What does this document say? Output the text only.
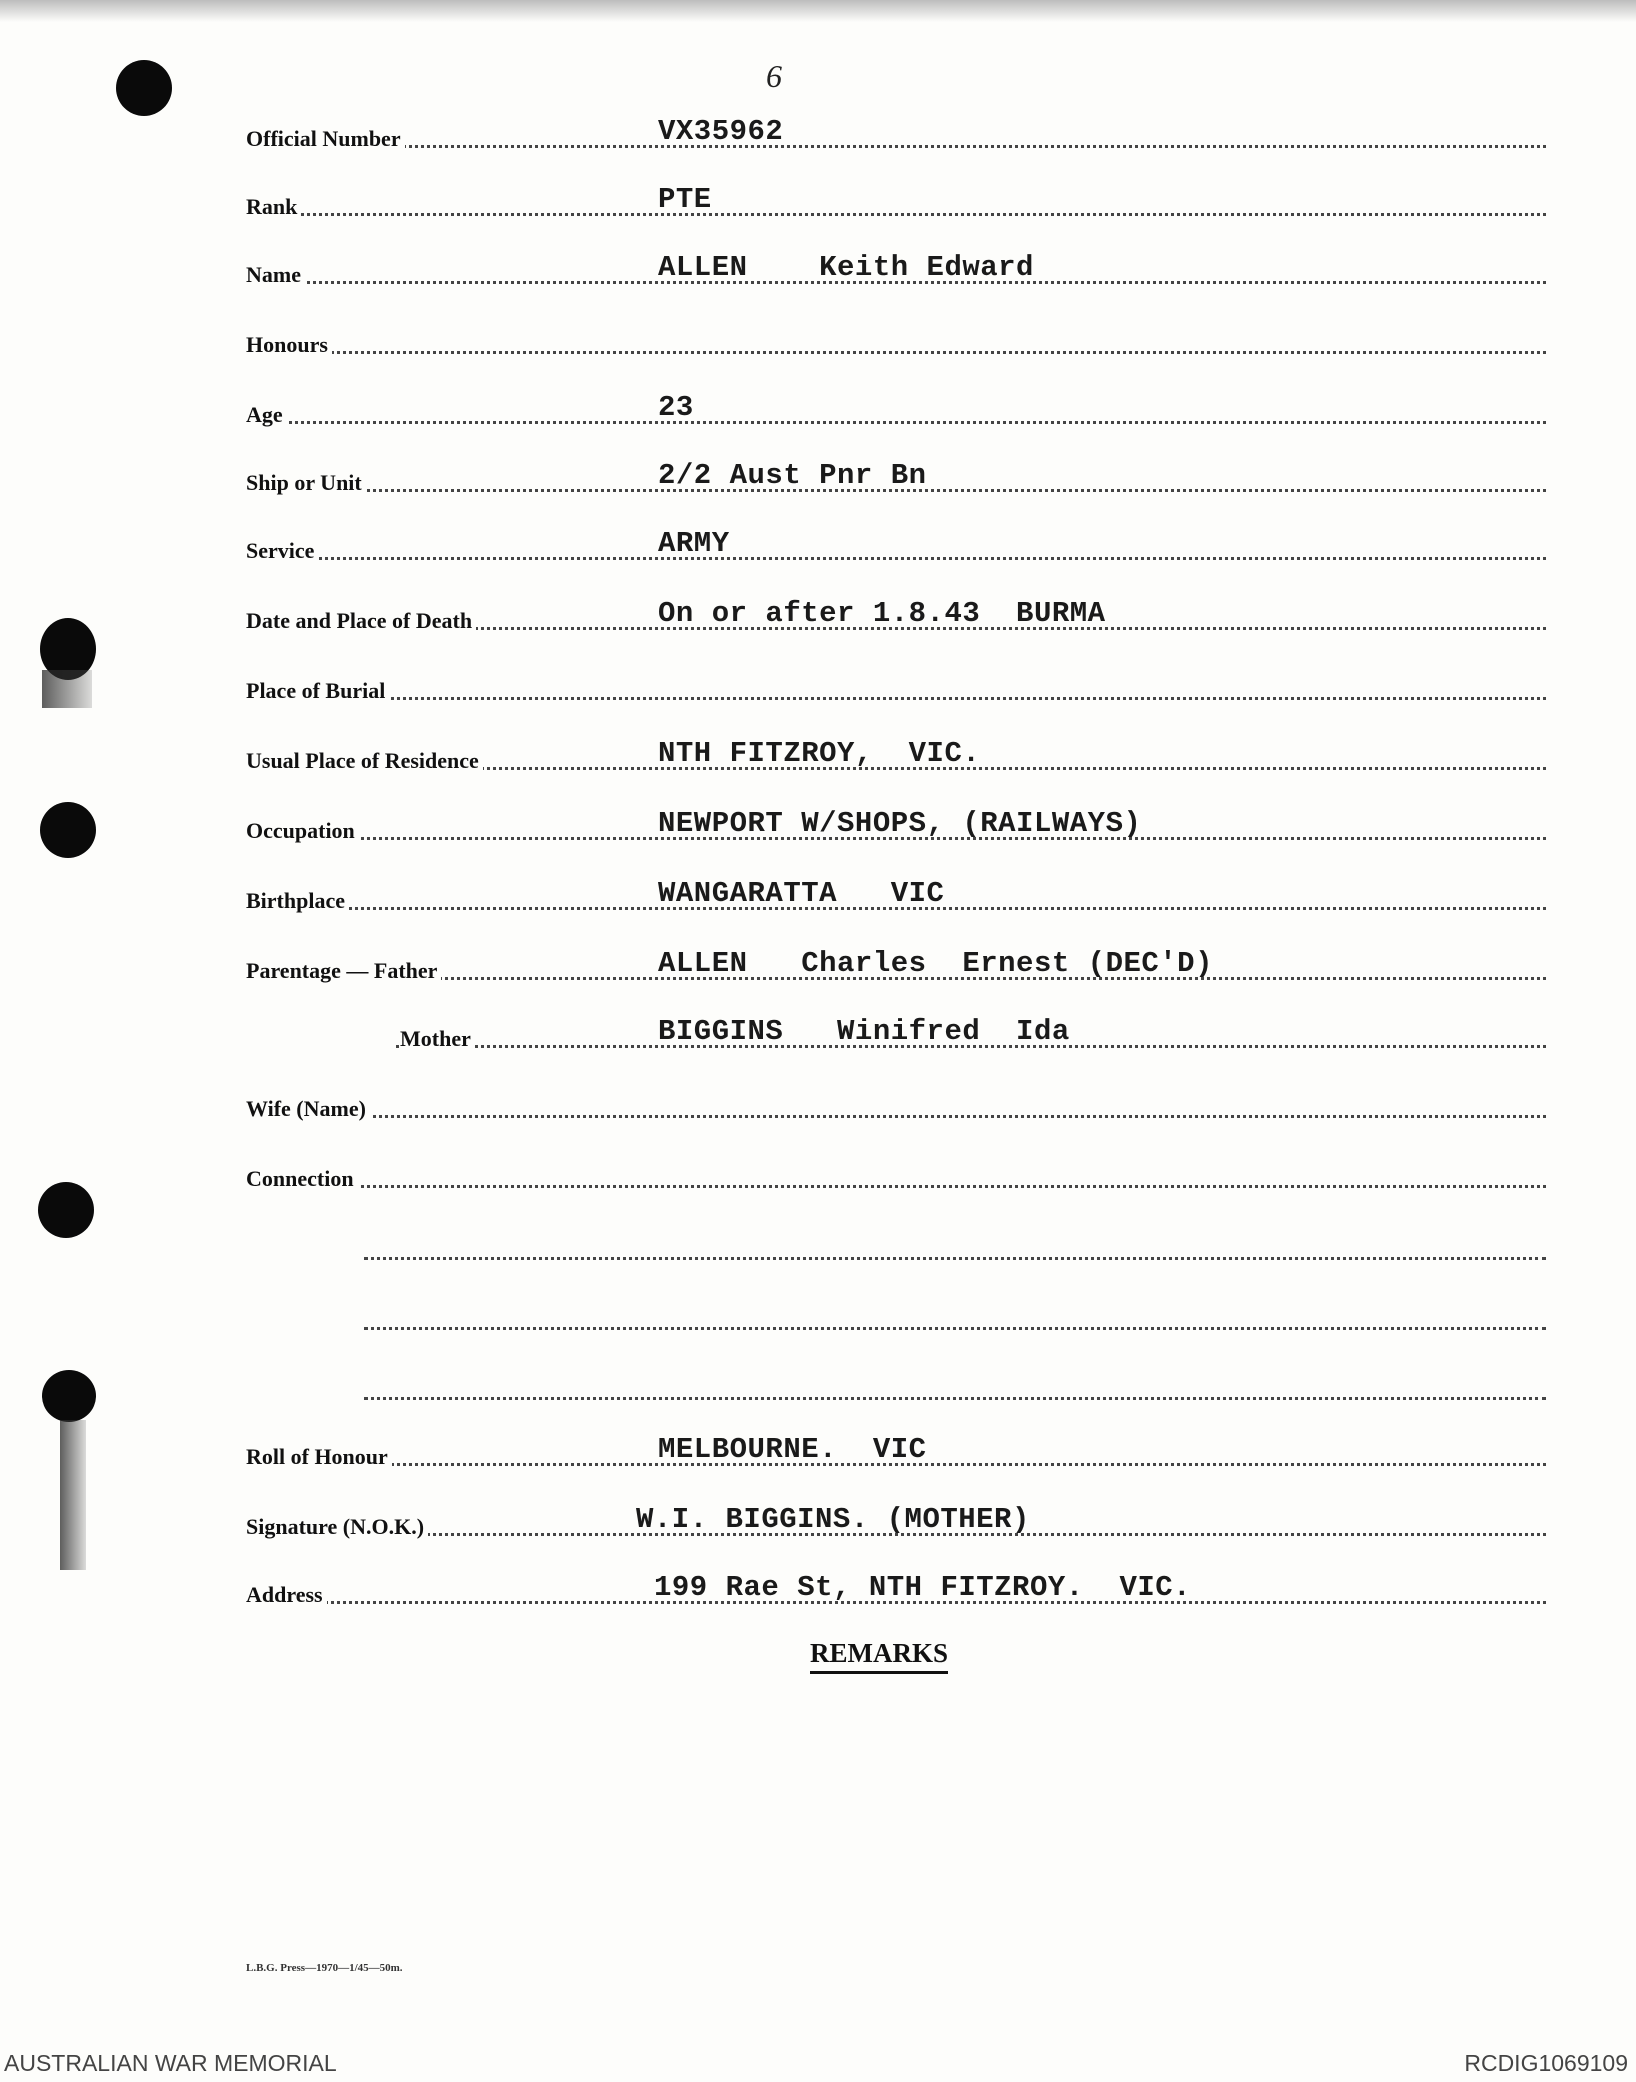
6
Official Number	VX35962
Rank	PTE
Name	ALLEN    Keith Edward
Honours
Age	23
Ship or Unit	2/2 Aust Pnr Bn
Service	ARMY
Date and Place of Death	On or after 1.8.43  BURMA
Place of Burial
Usual Place of Residence	NTH FITZROY,  VIC.
Occupation	NEWPORT W/SHOPS, (RAILWAYS)
Birthplace	WANGARATTA   VIC
Parentage — Father	ALLEN   Charles  Ernest (DEC'D)
Mother	BIGGINS   Winifred  Ida
Wife (Name)
Connection
Roll of Honour	MELBOURNE.  VIC
Signature (N.O.K.)	W.I. BIGGINS. (MOTHER)
Address	199 Rae St, NTH FITZROY.  VIC.
REMARKS
L.B.G. Press—1970—1/45—50m.
AUSTRALIAN WAR MEMORIAL	RCDIG1069109
